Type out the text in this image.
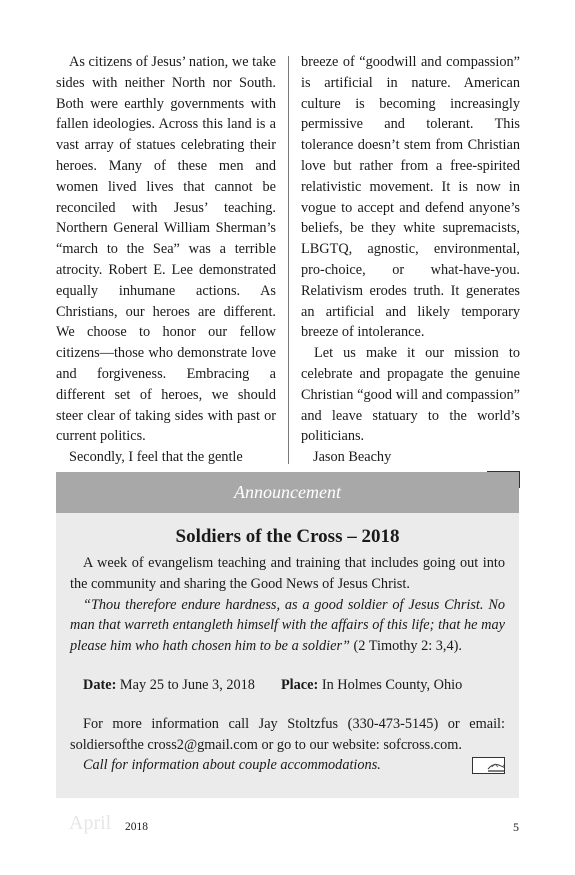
As citizens of Jesus’ nation, we take sides with neither North nor South. Both were earthly governments with fallen ideologies. Across this land is a vast array of statues celebrating their heroes. Many of these men and women lived lives that cannot be reconciled with Jesus’ teaching. Northern General William Sherman’s “march to the Sea” was a terrible atrocity. Robert E. Lee demonstrated equally inhumane actions. As Christians, our heroes are different. We choose to honor our fellow citizens—those who demonstrate love and forgiveness. Embracing a different set of heroes, we should steer clear of taking sides with past or current politics.

Secondly, I feel that the gentle

breeze of “goodwill and compassion” is artificial in nature. American culture is becoming increasingly permissive and tolerant. This tolerance doesn’t stem from Christian love but rather from a free-spirited relativistic movement. It is now in vogue to accept and defend anyone’s beliefs, be they white supremacists, LBGTQ, agnostic, environmental, pro-choice, or what-have-you. Relativism erodes truth. It generates an artificial and likely temporary breeze of intolerance.

Let us make it our mission to celebrate and propagate the genuine Christian “good will and compassion” and leave statuary to the world’s politicians.

Jason Beachy

Announcement
Soldiers of the Cross – 2018

A week of evangelism teaching and training that includes going out into the community and sharing the Good News of Jesus Christ.

“Thou therefore endure hardness, as a good soldier of Jesus Christ. No man that warreth entangleth himself with the affairs of this life; that he may please him who hath chosen him to be a soldier” (2 Timothy 2: 3,4).

Date: May 25 to June 3, 2018 Place: In Holmes County, Ohio

For more information call Jay Stoltzfus (330-473-5145) or email: soldiersofthe cross2@gmail.com or go to our website: sofcross.com.

Call for information about couple accommodations.

April 2018	5
